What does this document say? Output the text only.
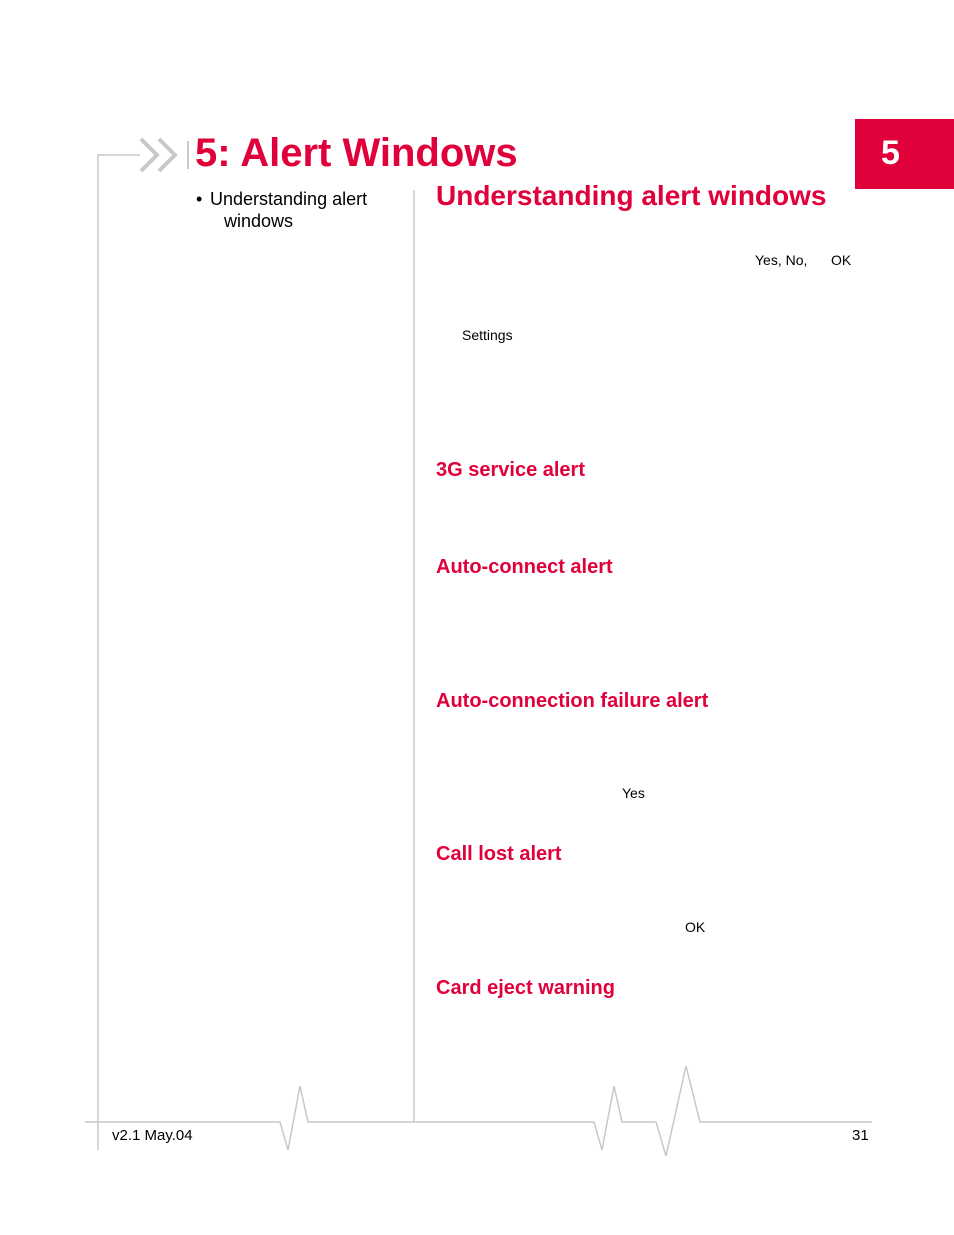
5: Alert Windows	5
• Understanding alert
windows
Understanding alert windows
Yes, No, OK
Settings
3G service alert
Auto-connect alert
Auto-connection failure alert
Yes
Call lost alert
OK
Card eject warning
v2.1 May.04	31
